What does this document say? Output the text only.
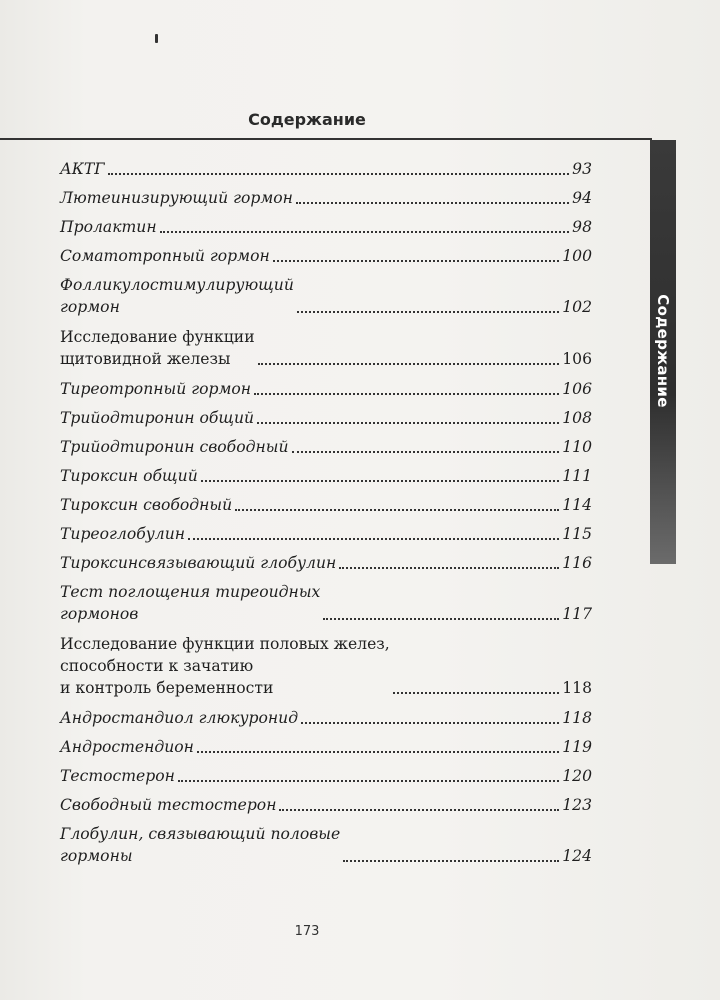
Содержание
Содержание
АКТГ	93
Лютеинизирующий гормон	94
Пролактин	98
Соматотропный гормон	100
Фолликулостимулирующий
гормон	102
Исследование функции
щитовидной железы	106
Тиреотропный гормон	106
Трийодтиронин общий	108
Трийодтиронин свободный	110
Тироксин общий	111
Тироксин свободный	114
Тиреоглобулин	115
Тироксинсвязывающий глобулин	116
Тест поглощения тиреоидных
гормонов	117
Исследование функции половых желез,
способности к зачатию
и контроль беременности	118
Андростандиол глюкуронид	118
Андростендион	119
Тестостерон	120
Свободный тестостерон	123
Глобулин, связывающий половые
гормоны	124
173
